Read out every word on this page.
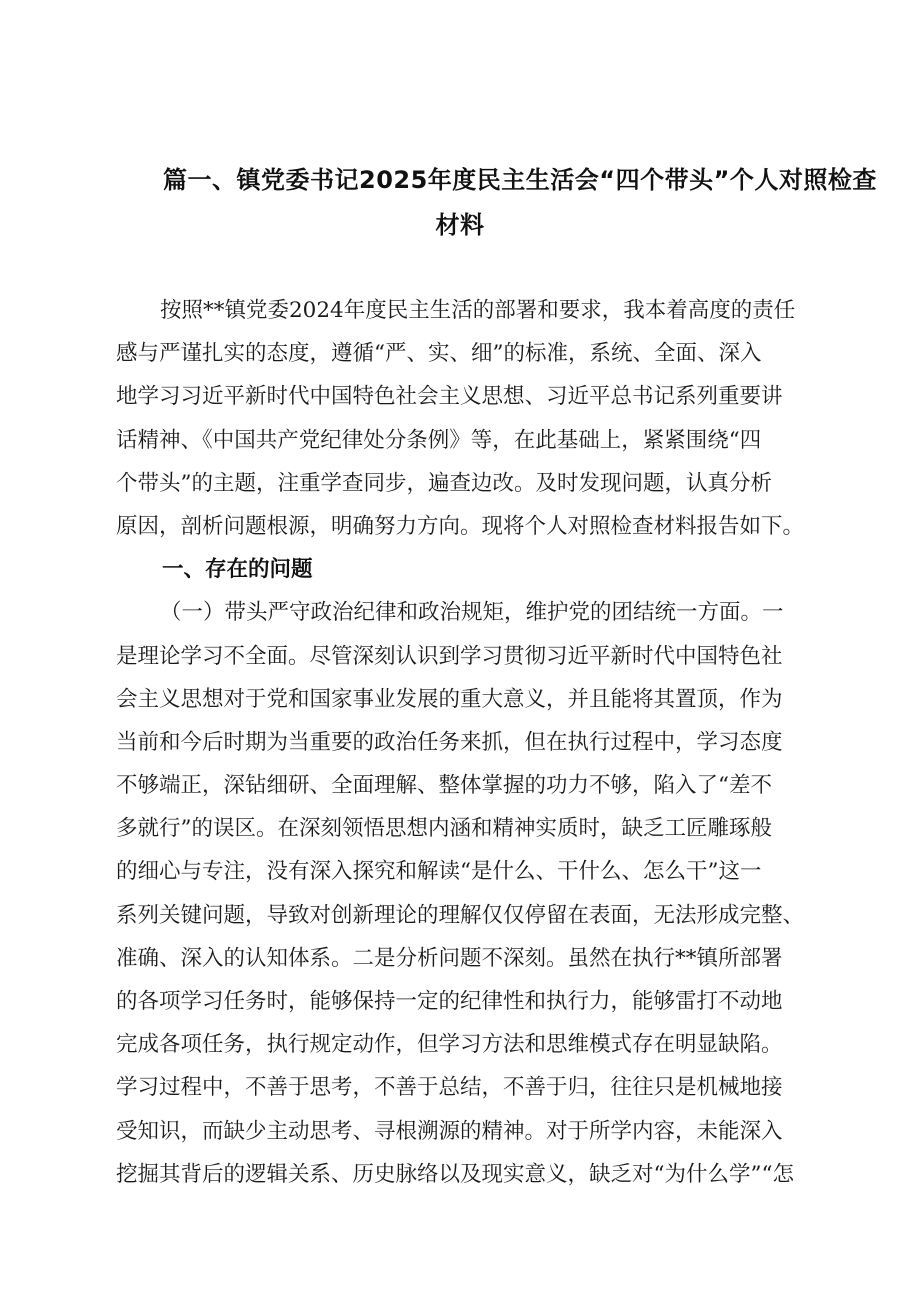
篇一、镇党委书记2025年度民主生活会“四个带头”个人对照检查
材料
按照**镇党委2024年度民主生活的部署和要求，我本着高度的责任
感与严谨扎实的态度，遵循“严、实、细”的标准，系统、全面、深入
地学习习近平新时代中国特色社会主义思想、习近平总书记系列重要讲
话精神、《中国共产党纪律处分条例》等，在此基础上，紧紧围绕“四
个带头”的主题，注重学查同步，遍查边改。及时发现问题，认真分析
原因，剖析问题根源，明确努力方向。现将个人对照检查材料报告如下。
一、存在的问题
（一）带头严守政治纪律和政治规矩，维护党的团结统一方面。一
是理论学习不全面。尽管深刻认识到学习贯彻习近平新时代中国特色社
会主义思想对于党和国家事业发展的重大意义，并且能将其置顶，作为
当前和今后时期为当重要的政治任务来抓，但在执行过程中，学习态度
不够端正，深钻细研、全面理解、整体掌握的功力不够，陷入了“差不
多就行”的误区。在深刻领悟思想内涵和精神实质时，缺乏工匠雕琢般
的细心与专注，没有深入探究和解读“是什么、干什么、怎么干”这一
系列关键问题，导致对创新理论的理解仅仅停留在表面，无法形成完整、
准确、深入的认知体系。二是分析问题不深刻。虽然在执行**镇所部署
的各项学习任务时，能够保持一定的纪律性和执行力，能够雷打不动地
完成各项任务，执行规定动作，但学习方法和思维模式存在明显缺陷。
学习过程中，不善于思考，不善于总结，不善于归，往往只是机械地接
受知识，而缺少主动思考、寻根溯源的精神。对于所学内容，未能深入
挖掘其背后的逻辑关系、历史脉络以及现实意义，缺乏对“为什么学”“怎
